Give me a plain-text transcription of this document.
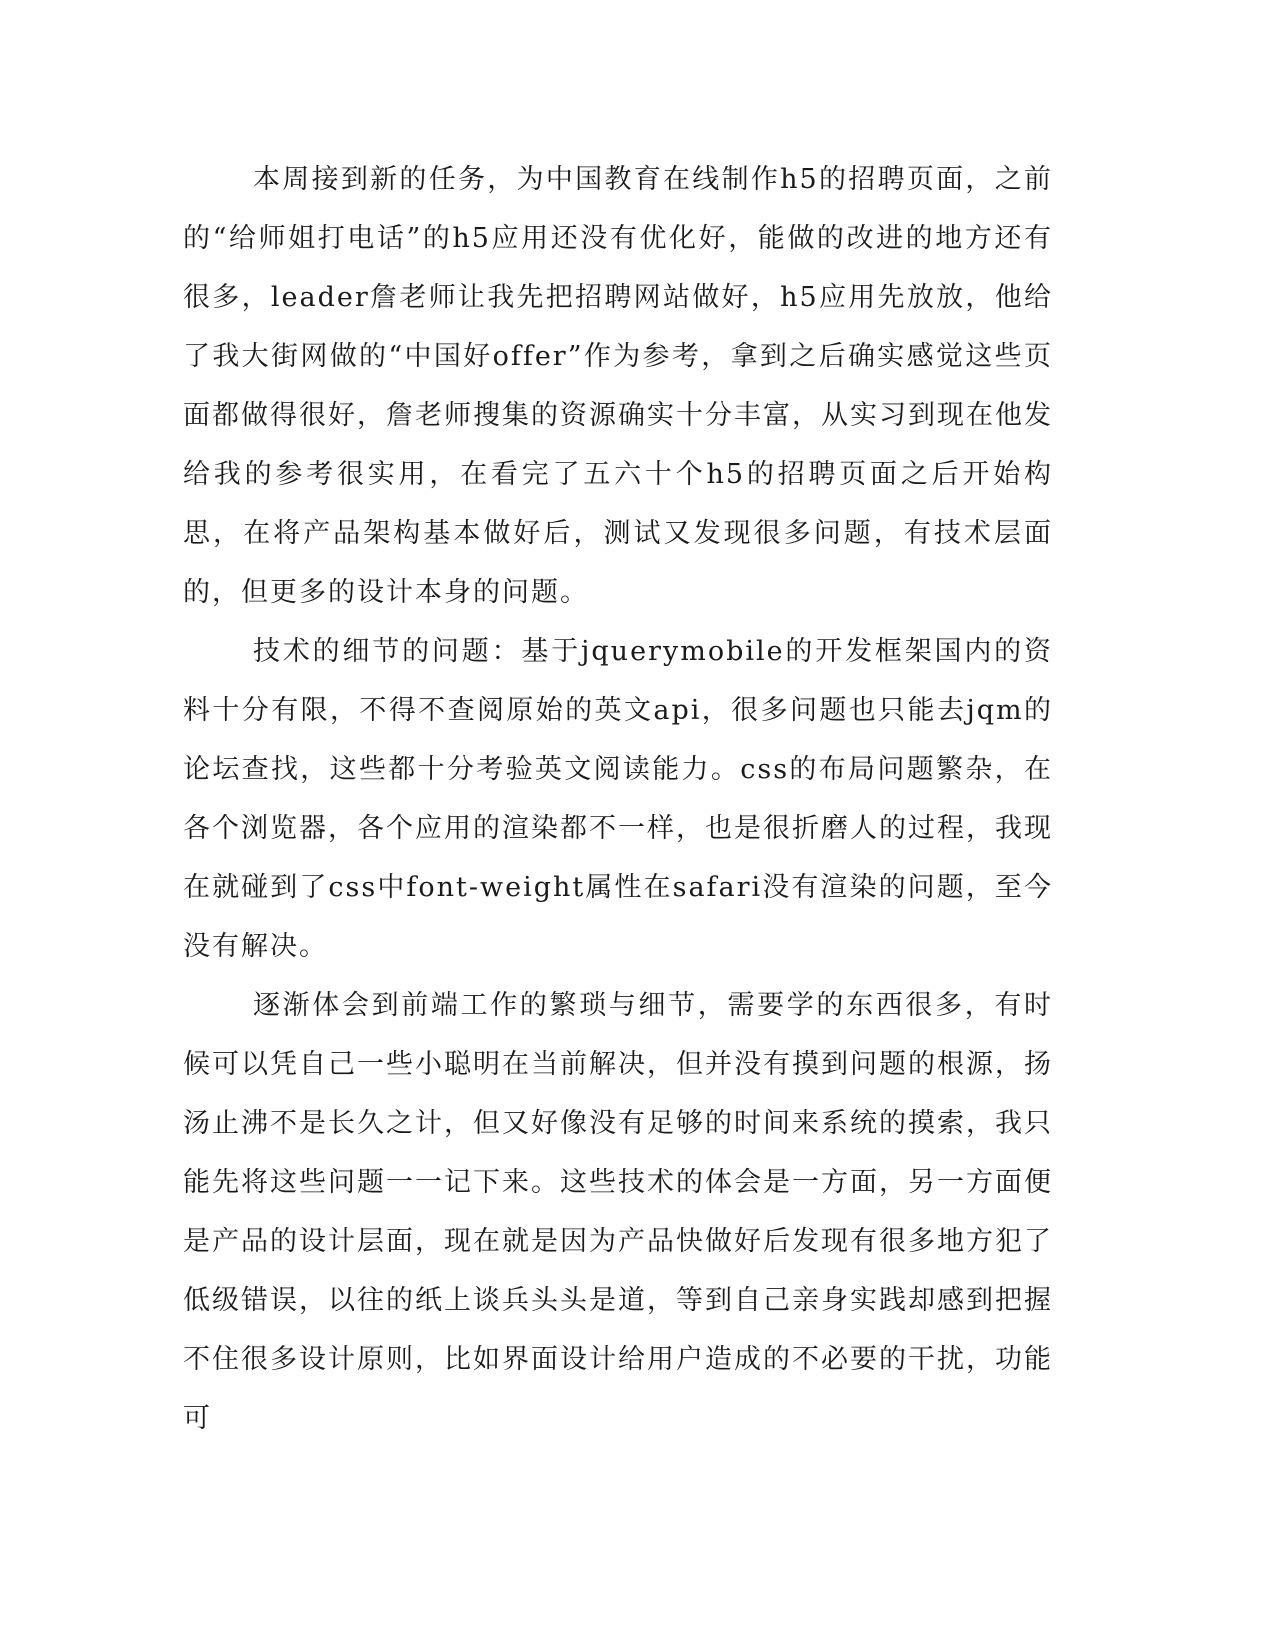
本周接到新的任务，为中国教育在线制作h5的招聘页面，之前的“给师姐打电话”的h5应用还没有优化好，能做的改进的地方还有很多，leader詹老师让我先把招聘网站做好，h5应用先放放，他给了我大街网做的“中国好offer”作为参考，拿到之后确实感觉这些页面都做得很好，詹老师搜集的资源确实十分丰富，从实习到现在他发给我的参考很实用，在看完了五六十个h5的招聘页面之后开始构思，在将产品架构基本做好后，测试又发现很多问题，有技术层面的，但更多的设计本身的问题。

技术的细节的问题：基于jquerymobile的开发框架国内的资料十分有限，不得不查阅原始的英文api，很多问题也只能去jqm的论坛查找，这些都十分考验英文阅读能力。css的布局问题繁杂，在各个浏览器，各个应用的渲染都不一样，也是很折磨人的过程，我现在就碰到了css中font-weight属性在safari没有渲染的问题，至今没有解决。

逐渐体会到前端工作的繁琐与细节，需要学的东西很多，有时候可以凭自己一些小聪明在当前解决，但并没有摸到问题的根源，扬汤止沸不是长久之计，但又好像没有足够的时间来系统的摸索，我只能先将这些问题一一记下来。这些技术的体会是一方面，另一方面便是产品的设计层面，现在就是因为产品快做好后发现有很多地方犯了低级错误，以往的纸上谈兵头头是道，等到自己亲身实践却感到把握不住很多设计原则，比如界面设计给用户造成的不必要的干扰，功能可
